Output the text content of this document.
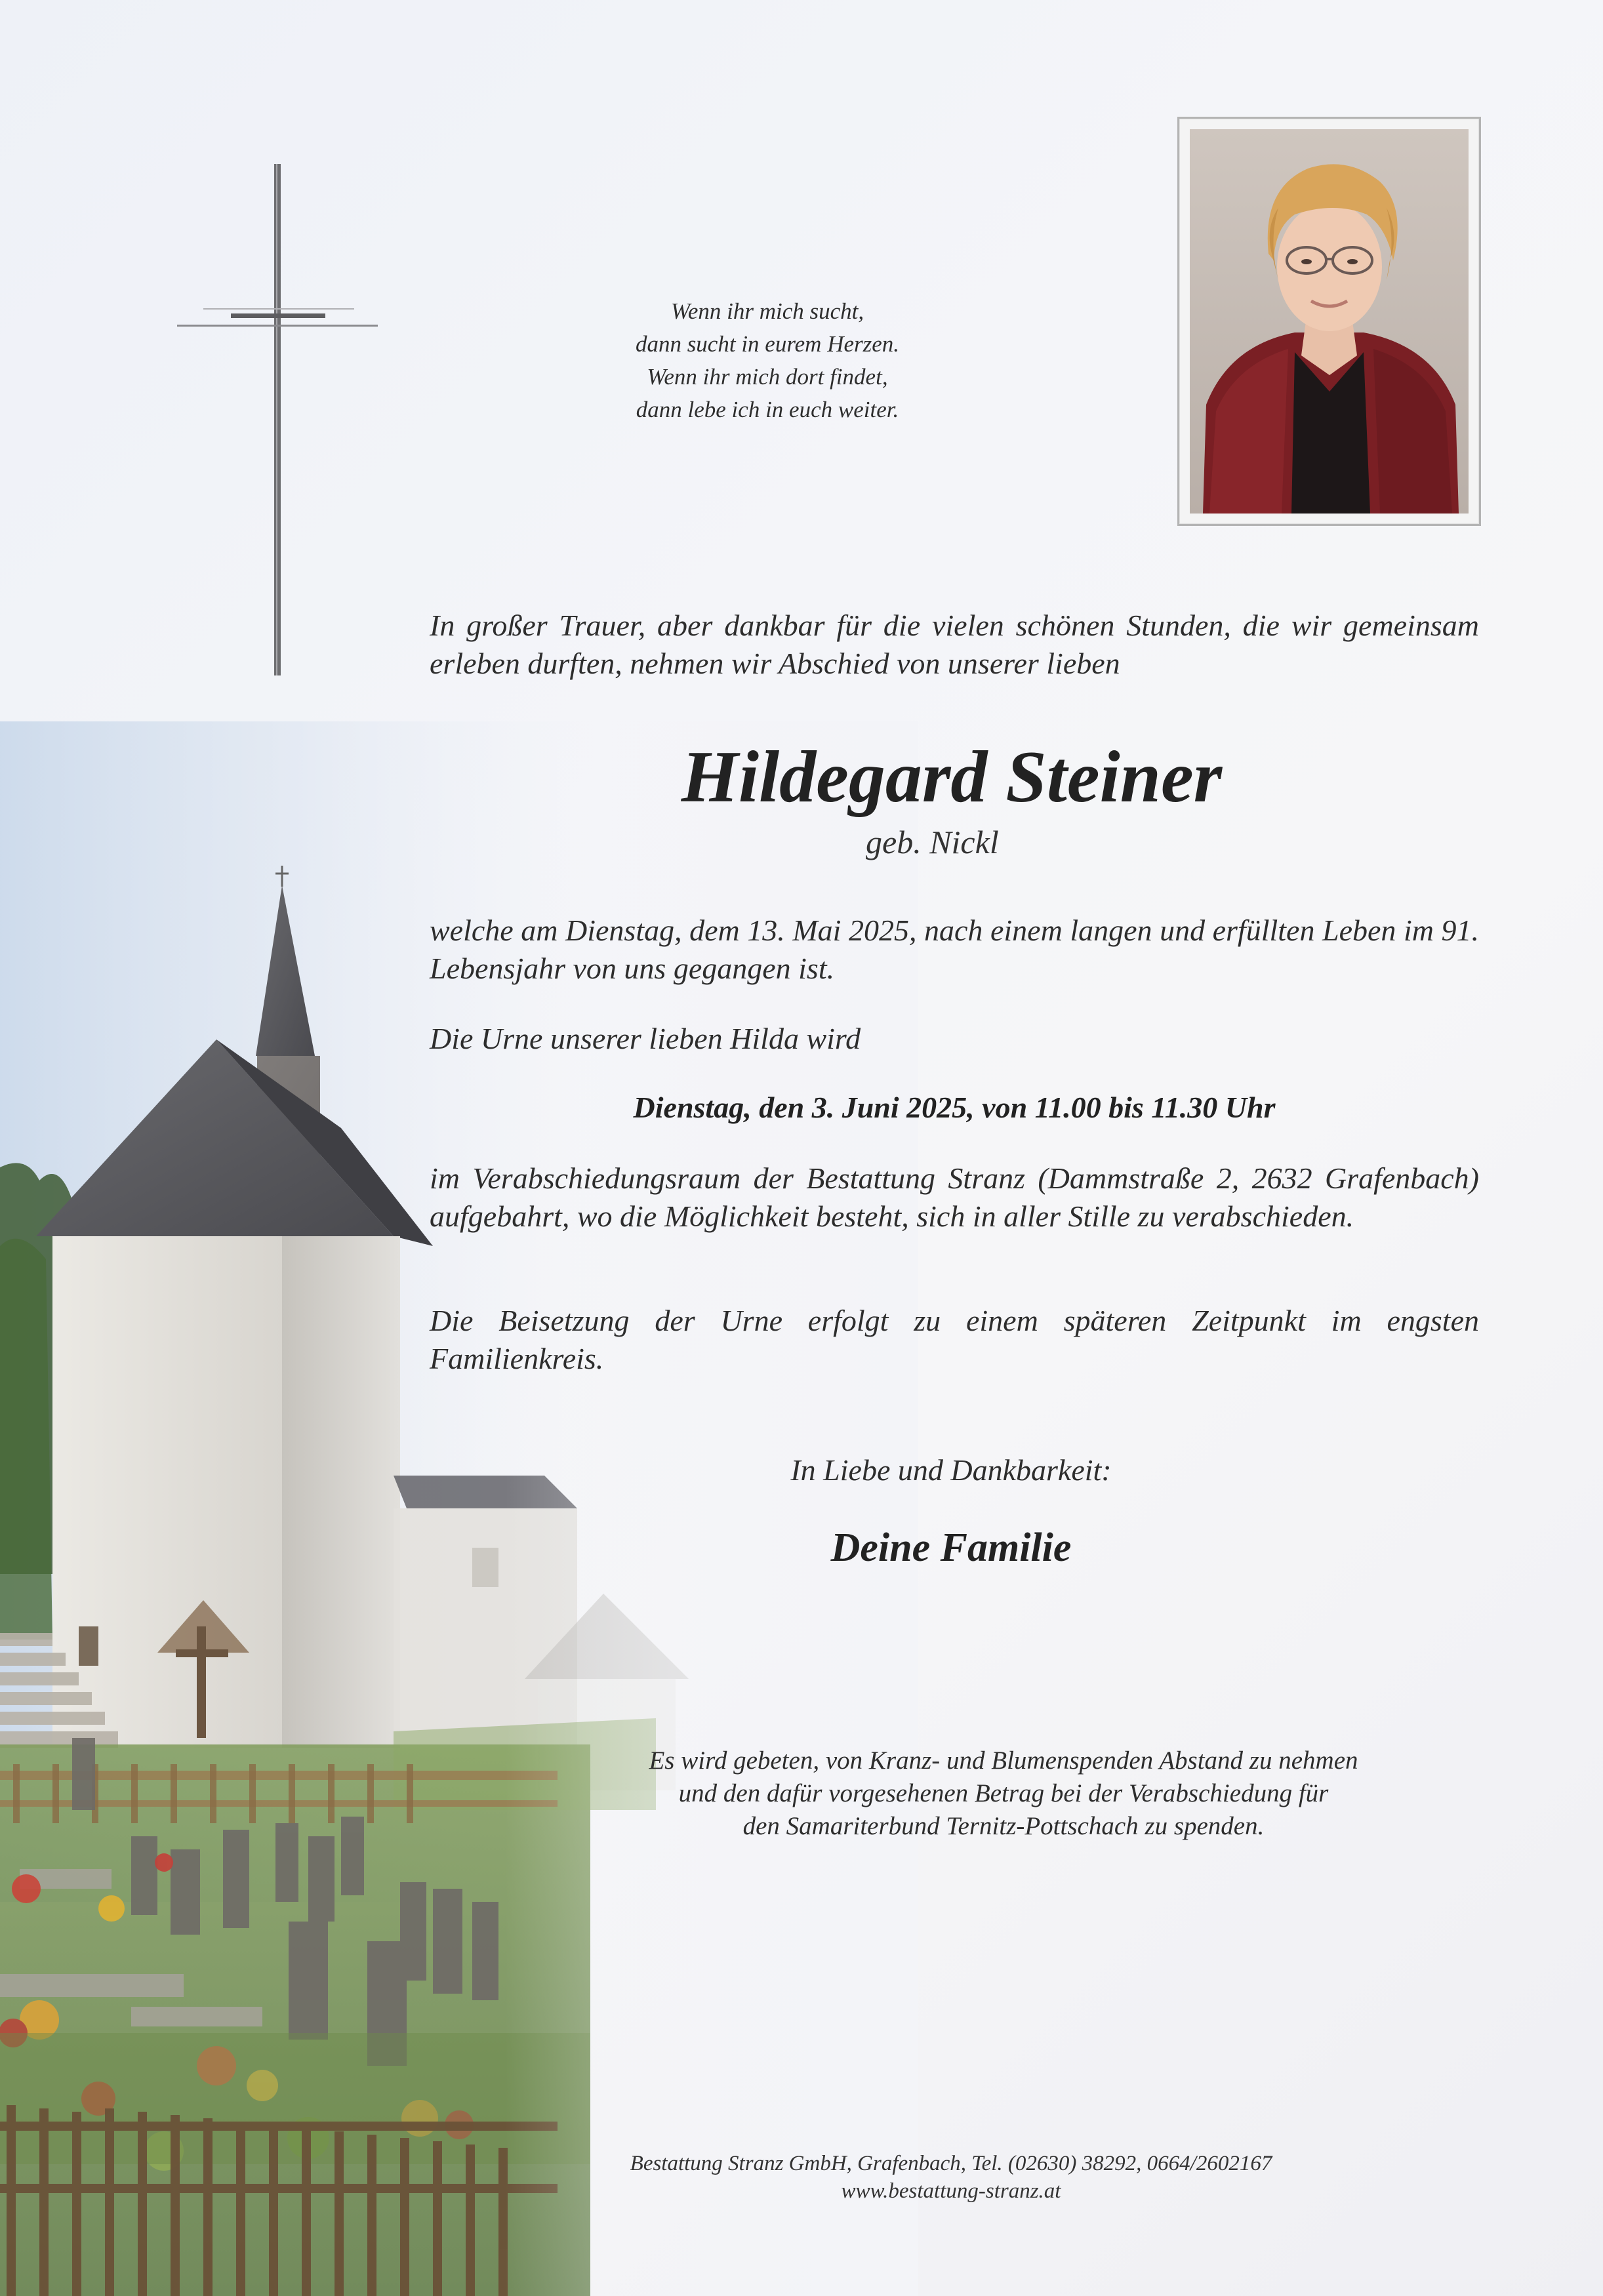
Wenn ihr mich sucht,
dann sucht in eurem Herzen.
Wenn ihr mich dort findet,
dann lebe ich in euch weiter.
In großer Trauer, aber dankbar für die vielen schönen Stunden, die wir gemeinsam erleben durften, nehmen wir Abschied von unserer lieben
Hildegard Steiner
geb. Nickl
welche am Dienstag, dem 13. Mai 2025, nach einem langen und erfüllten Leben im 91. Lebensjahr von uns gegangen ist.
Die Urne unserer lieben Hilda wird
Dienstag, den 3. Juni 2025, von 11.00 bis 11.30 Uhr
im Verabschiedungsraum der Bestattung Stranz (Dammstraße 2, 2632 Grafenbach) aufgebahrt, wo die Möglichkeit besteht, sich in aller Stille zu verabschieden.
Die Beisetzung der Urne erfolgt zu einem späteren Zeitpunkt im engsten Familienkreis.
In Liebe und Dankbarkeit:
Deine Familie
Es wird gebeten, von Kranz- und Blumenspenden Abstand zu nehmen
und den dafür vorgesehenen Betrag bei der Verabschiedung für
den Samariterbund Ternitz-Pottschach zu spenden.
Bestattung Stranz GmbH, Grafenbach, Tel. (02630) 38292, 0664/2602167
www.bestattung-stranz.at
